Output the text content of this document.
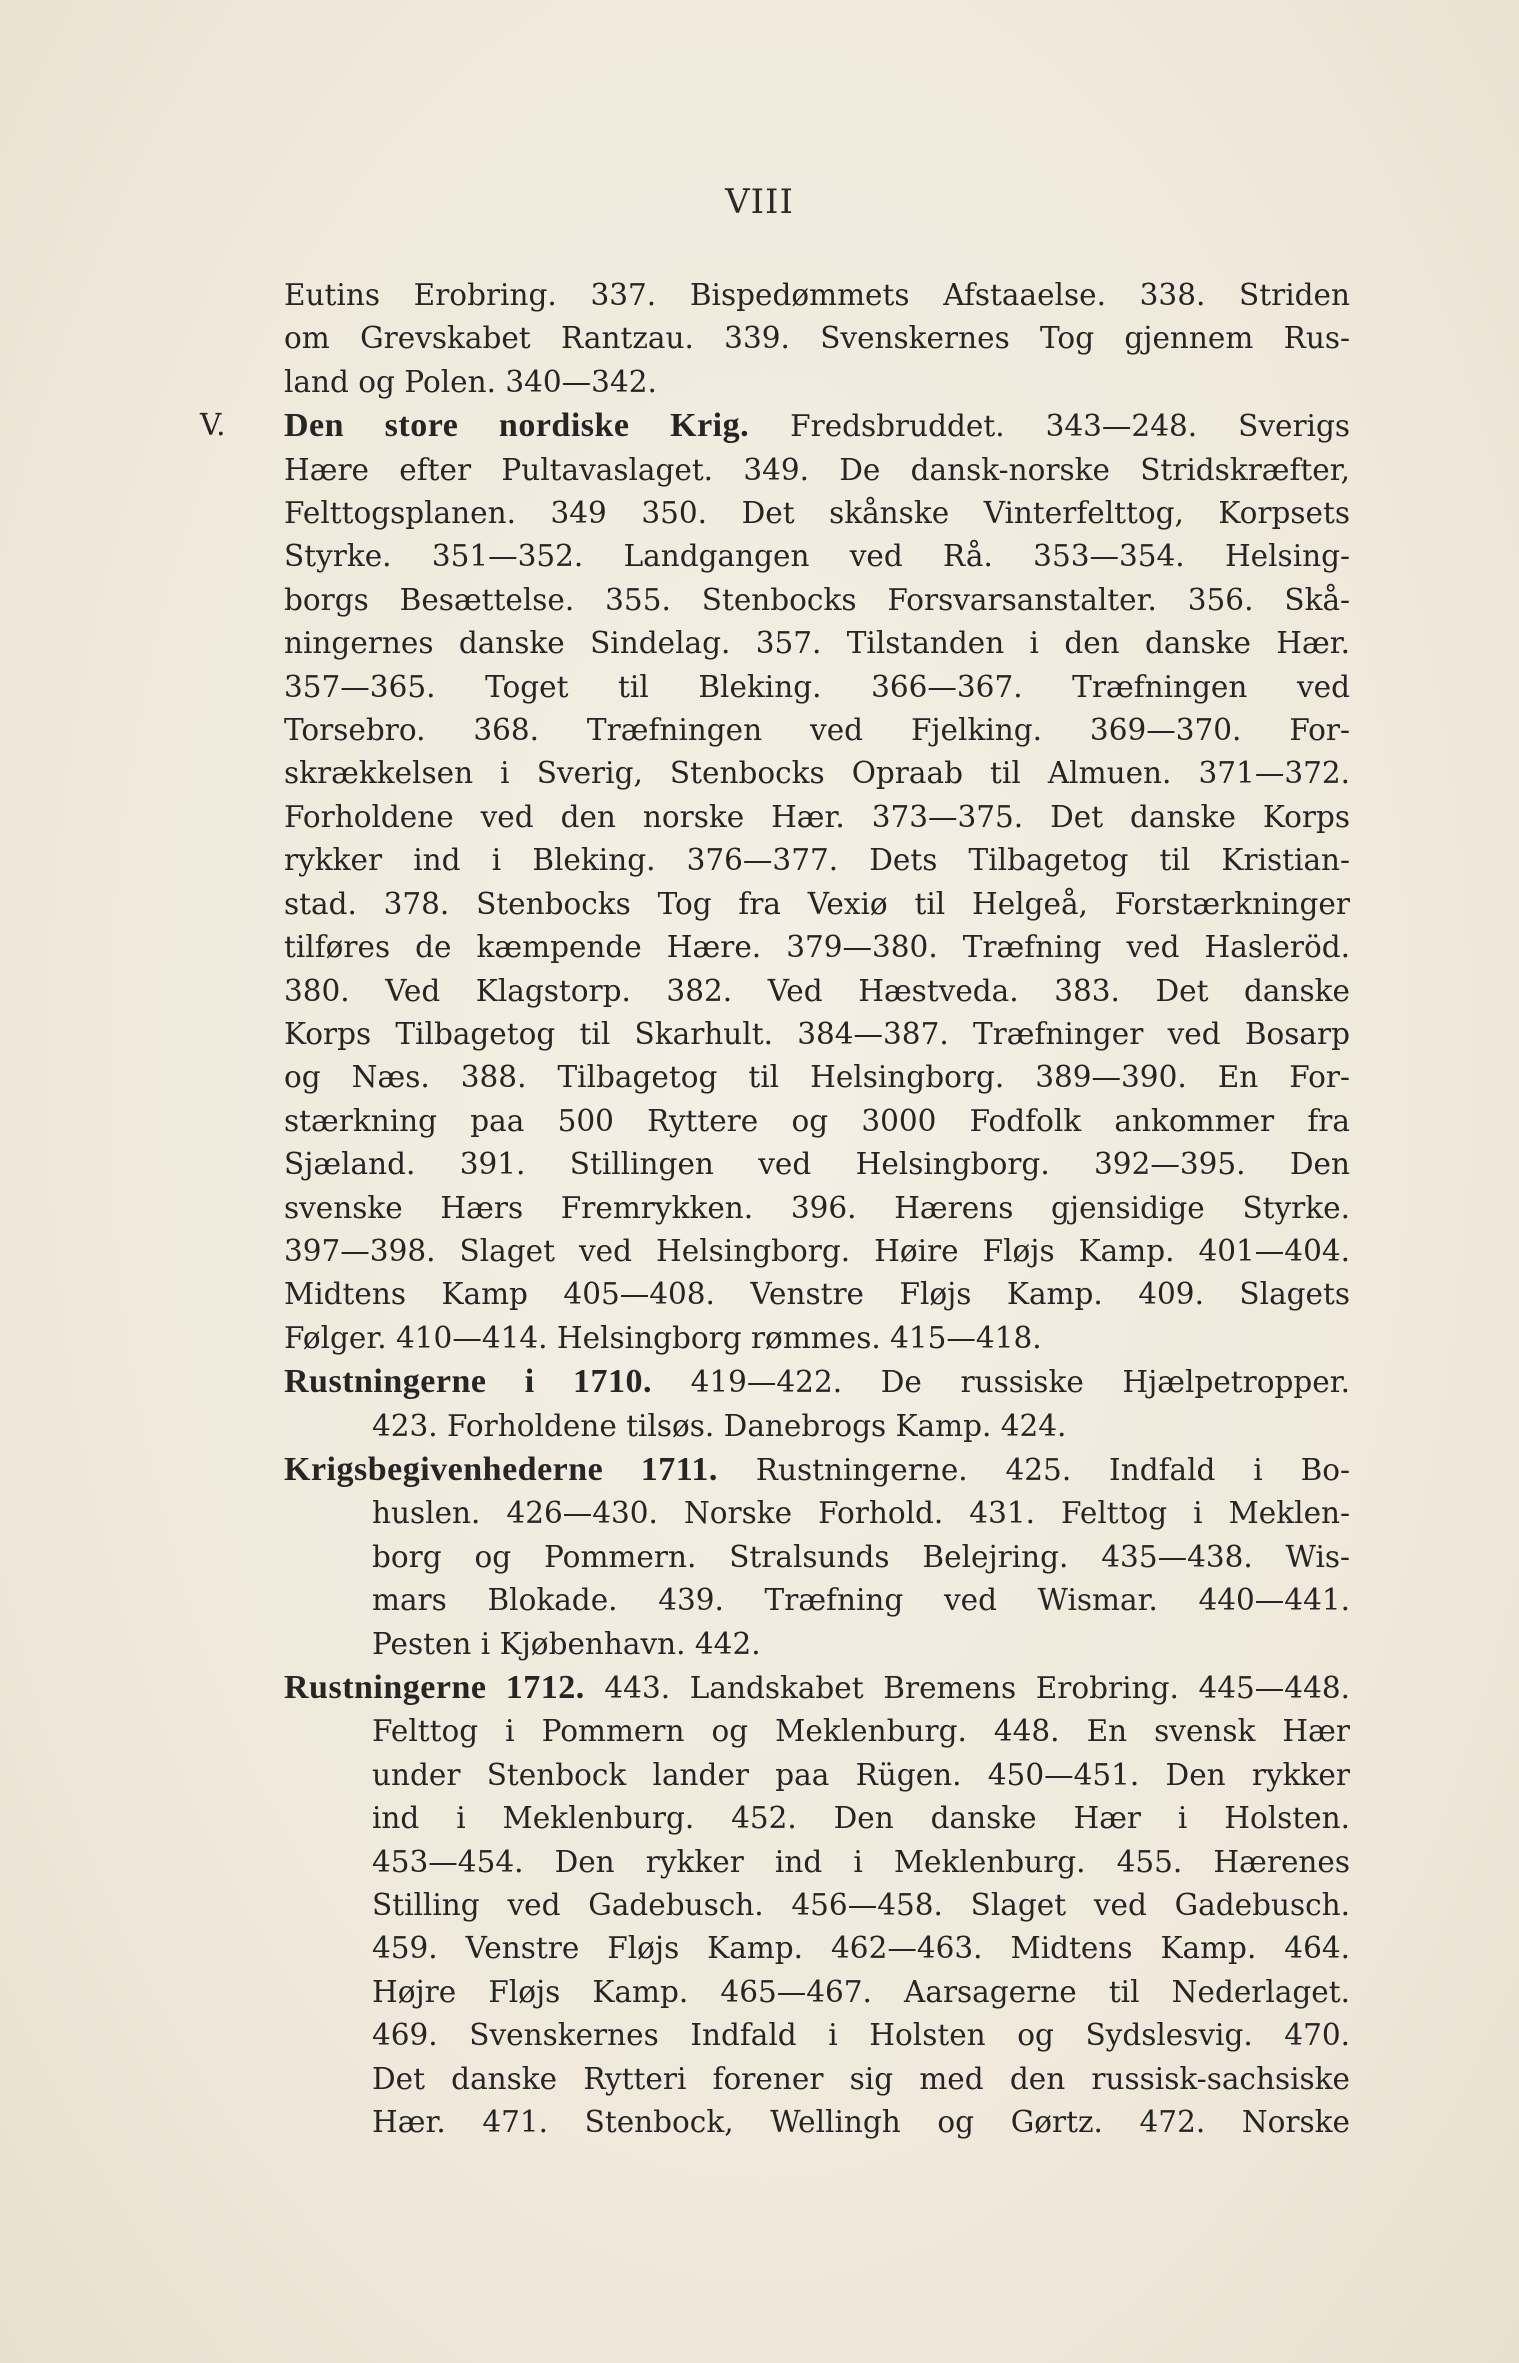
VIII
Eutins Erobring. 337. Bispedømmets Afstaaelse. 338. Striden
om Grevskabet Rantzau. 339. Svenskernes Tog gjennem Rus-
land og Polen. 340—342.
V. Den store nordiske Krig. Fredsbruddet. 343—248. Sverigs
Hære efter Pultavaslaget. 349. De dansk-norske Stridskræfter,
Felttogsplanen. 349 350. Det skånske Vinterfelttog, Korpsets
Styrke. 351—352. Landgangen ved Rå. 353—354. Helsing-
borgs Besættelse. 355. Stenbocks Forsvarsanstalter. 356. Skå-
ningernes danske Sindelag. 357. Tilstanden i den danske Hær.
357—365. Toget til Bleking. 366—367. Træfningen ved
Torsebro. 368. Træfningen ved Fjelking. 369—370. For-
skrækkelsen i Sverig, Stenbocks Opraab til Almuen. 371—372.
Forholdene ved den norske Hær. 373—375. Det danske Korps
rykker ind i Bleking. 376—377. Dets Tilbagetog til Kristian-
stad. 378. Stenbocks Tog fra Vexiø til Helgeå, Forstærkninger
tilføres de kæmpende Hære. 379—380. Træfning ved Hasleröd.
380. Ved Klagstorp. 382. Ved Hæstveda. 383. Det danske
Korps Tilbagetog til Skarhult. 384—387. Træfninger ved Bosarp
og Næs. 388. Tilbagetog til Helsingborg. 389—390. En For-
stærkning paa 500 Ryttere og 3000 Fodfolk ankommer fra
Sjæland. 391. Stillingen ved Helsingborg. 392—395. Den
svenske Hærs Fremrykken. 396. Hærens gjensidige Styrke.
397—398. Slaget ved Helsingborg. Høire Fløjs Kamp. 401—404.
Midtens Kamp 405—408. Venstre Fløjs Kamp. 409. Slagets
Følger. 410—414. Helsingborg rømmes. 415—418.
Rustningerne i 1710. 419—422. De russiske Hjælpetropper.
423. Forholdene tilsøs. Danebrogs Kamp. 424.
Krigsbegivenhederne 1711. Rustningerne. 425. Indfald i Bo-
huslen. 426—430. Norske Forhold. 431. Felttog i Meklen-
borg og Pommern. Stralsunds Belejring. 435—438. Wis-
mars Blokade. 439. Træfning ved Wismar. 440—441.
Pesten i Kjøbenhavn. 442.
Rustningerne 1712. 443. Landskabet Bremens Erobring. 445—448.
Felttog i Pommern og Meklenburg. 448. En svensk Hær
under Stenbock lander paa Rügen. 450—451. Den rykker
ind i Meklenburg. 452. Den danske Hær i Holsten.
453—454. Den rykker ind i Meklenburg. 455. Hærenes
Stilling ved Gadebusch. 456—458. Slaget ved Gadebusch.
459. Venstre Fløjs Kamp. 462—463. Midtens Kamp. 464.
Højre Fløjs Kamp. 465—467. Aarsagerne til Nederlaget.
469. Svenskernes Indfald i Holsten og Sydslesvig. 470.
Det danske Rytteri forener sig med den russisk-sachsiske
Hær. 471. Stenbock, Wellingh og Gørtz. 472. Norske
